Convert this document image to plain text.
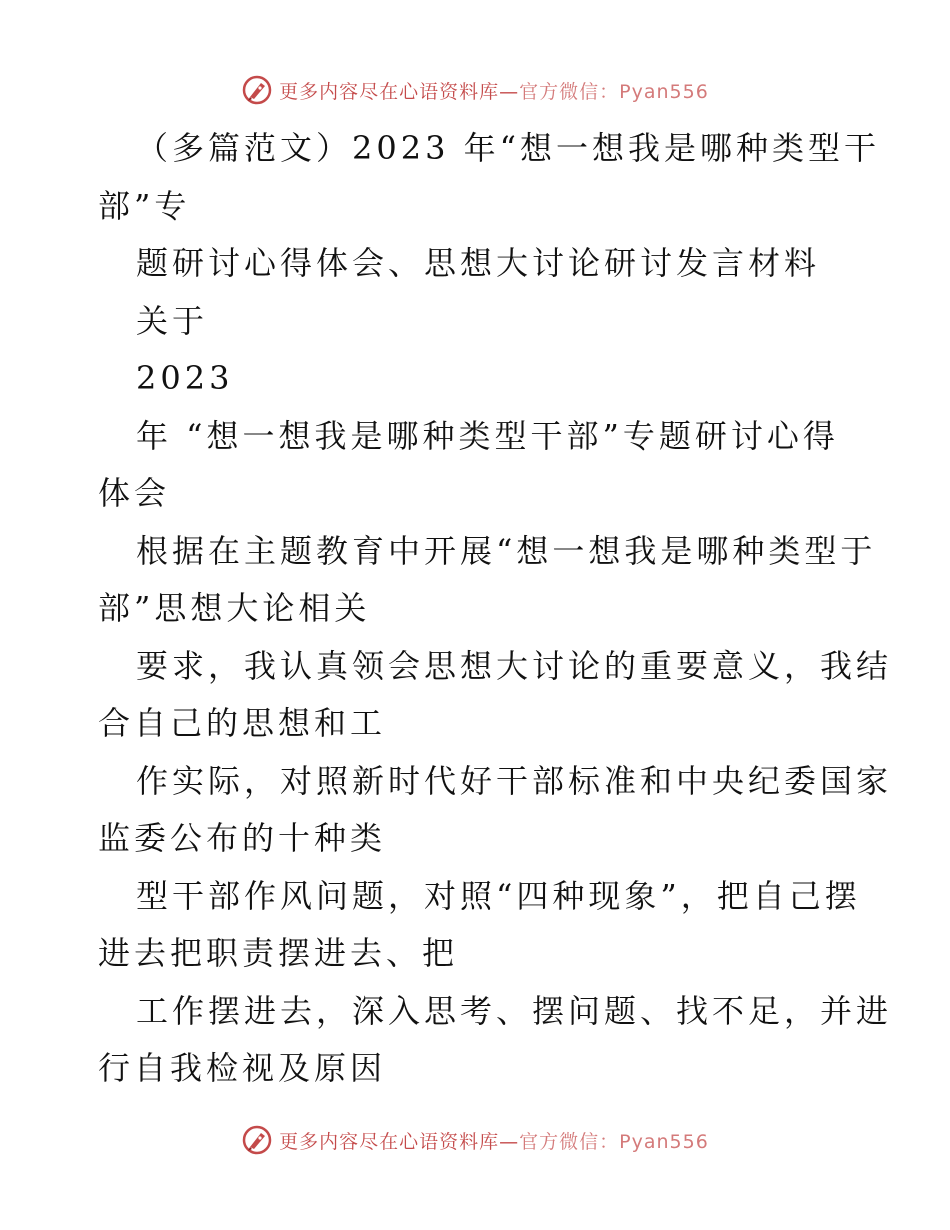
更多内容尽在心语资料库—官方微信：Pyan556
（多篇范文）2023 年“想一想我是哪种类型干
部”专
题研讨心得体会、思想大讨论研讨发言材料
关于
2023
年 “想一想我是哪种类型干部”专题研讨心得
体会
根据在主题教育中开展“想一想我是哪种类型于
部”思想大论相关
要求，我认真领会思想大讨论的重要意义，我结
合自己的思想和工
作实际，对照新时代好干部标准和中央纪委国家
监委公布的十种类
型干部作风问题，对照“四种现象”，把自己摆
进去把职责摆进去、把
工作摆进去，深入思考、摆问题、找不足，并进
行自我检视及原因
更多内容尽在心语资料库—官方微信：Pyan556
